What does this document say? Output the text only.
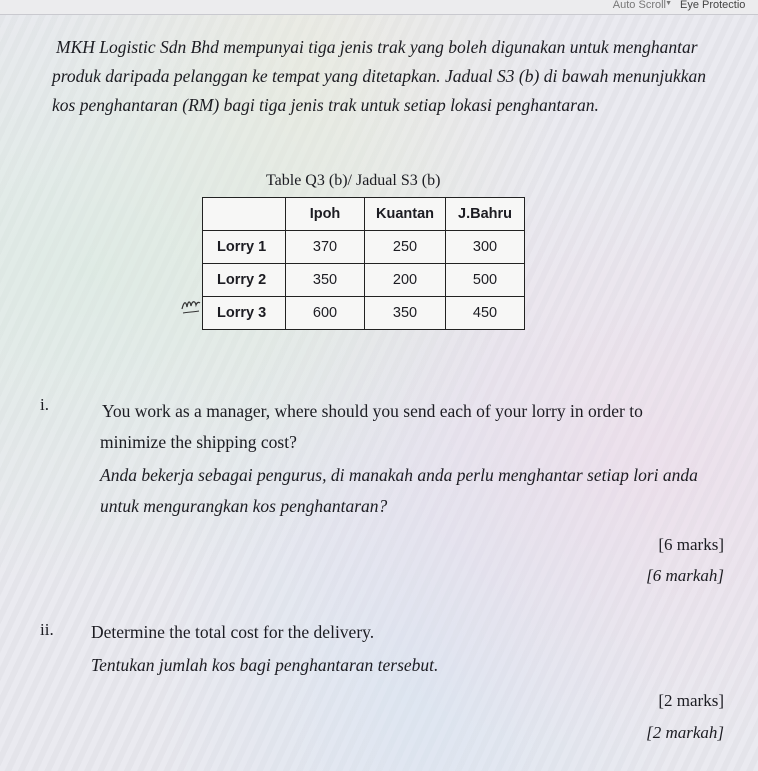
Auto Scroll ▼ Eye Protectio

MKH Logistic Sdn Bhd mempunyai tiga jenis trak yang boleh digunakan untuk menghantar
produk daripada pelanggan ke tempat yang ditetapkan. Jadual S3 (b) di bawah menunjukkan
kos penghantaran (RM) bagi tiga jenis trak untuk setiap lokasi penghantaran.

Table Q3 (b)/ Jadual S3 (b)
	Ipoh	Kuantan	J.Bahru
Lorry 1	370	250	300
Lorry 2	350	200	500
Lorry 3	600	350	450
i.	You work as a manager, where should you send each of your lorry in order to
minimize the shipping cost?
Anda bekerja sebagai pengurus, di manakah anda perlu menghantar setiap lori anda
untuk mengurangkan kos penghantaran?
[6 marks]
[6 markah]
ii. Determine the total cost for the delivery.
Tentukan jumlah kos bagi penghantaran tersebut.
[2 marks]
[2 markah]
